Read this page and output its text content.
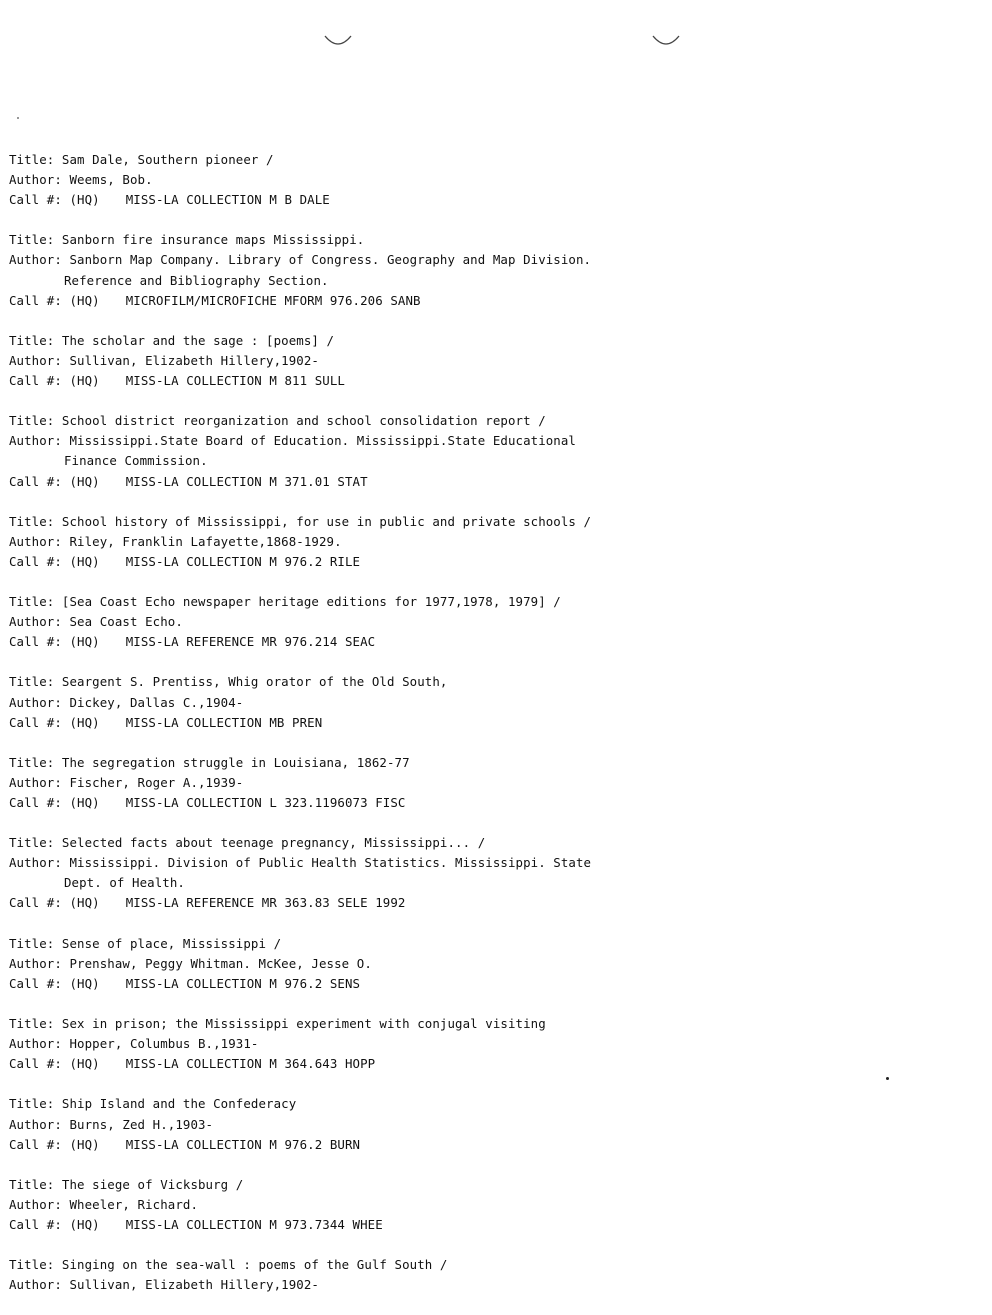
Title: Sam Dale, Southern pioneer /
Author: Weems, Bob.
Call #: (HQ) MISS-LA COLLECTION M B DALE
Title: Sanborn fire insurance maps Mississippi.
Author: Sanborn Map Company. Library of Congress. Geography and Map Division.
Reference and Bibliography Section.
Call #: (HQ) MICROFILM/MICROFICHE MFORM 976.206 SANB
Title: The scholar and the sage : [poems] /
Author: Sullivan, Elizabeth Hillery,1902-
Call #: (HQ) MISS-LA COLLECTION M 811 SULL
Title: School district reorganization and school consolidation report /
Author: Mississippi.State Board of Education. Mississippi.State Educational
Finance Commission.
Call #: (HQ) MISS-LA COLLECTION M 371.01 STAT
Title: School history of Mississippi, for use in public and private schools /
Author: Riley, Franklin Lafayette,1868-1929.
Call #: (HQ) MISS-LA COLLECTION M 976.2 RILE
Title: [Sea Coast Echo newspaper heritage editions for 1977,1978, 1979] /
Author: Sea Coast Echo.
Call #: (HQ) MISS-LA REFERENCE MR 976.214 SEAC
Title: Seargent S. Prentiss, Whig orator of the Old South,
Author: Dickey, Dallas C.,1904-
Call #: (HQ) MISS-LA COLLECTION MB PREN
Title: The segregation struggle in Louisiana, 1862-77
Author: Fischer, Roger A.,1939-
Call #: (HQ) MISS-LA COLLECTION L 323.1196073 FISC
Title: Selected facts about teenage pregnancy, Mississippi... /
Author: Mississippi. Division of Public Health Statistics. Mississippi. State
Dept. of Health.
Call #: (HQ) MISS-LA REFERENCE MR 363.83 SELE 1992
Title: Sense of place, Mississippi /
Author: Prenshaw, Peggy Whitman. McKee, Jesse O.
Call #: (HQ) MISS-LA COLLECTION M 976.2 SENS
Title: Sex in prison; the Mississippi experiment with conjugal visiting
Author: Hopper, Columbus B.,1931-
Call #: (HQ) MISS-LA COLLECTION M 364.643 HOPP
Title: Ship Island and the Confederacy
Author: Burns, Zed H.,1903-
Call #: (HQ) MISS-LA COLLECTION M 976.2 BURN
Title: The siege of Vicksburg /
Author: Wheeler, Richard.
Call #: (HQ) MISS-LA COLLECTION M 973.7344 WHEE
Title: Singing on the sea-wall : poems of the Gulf South /
Author: Sullivan, Elizabeth Hillery,1902-
